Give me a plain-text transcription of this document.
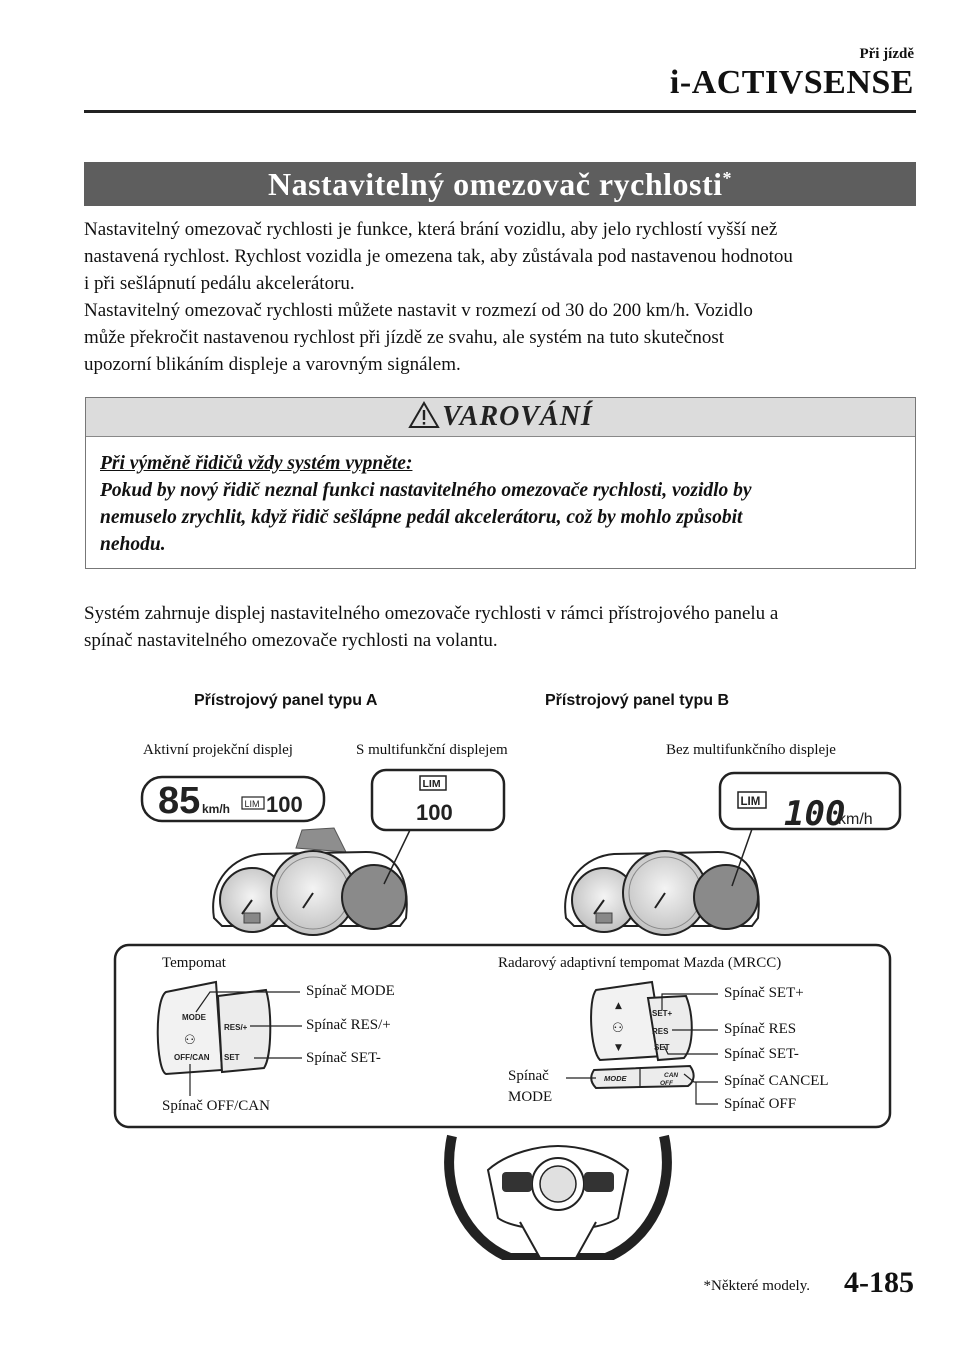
Při jízdě
i-ACTIVSENSE
Nastavitelný omezovač rychlosti*
Nastavitelný omezovač rychlosti je funkce, která brání vozidlu, aby jelo rychlostí vyšší než
nastavená rychlost. Rychlost vozidla je omezena tak, aby zůstávala pod nastavenou hodnotou
i při sešlápnutí pedálu akcelerátoru.
Nastavitelný omezovač rychlosti můžete nastavit v rozmezí od 30 do 200 km/h. Vozidlo
může překročit nastavenou rychlost při jízdě ze svahu, ale systém na tuto skutečnost
upozorní blikáním displeje a varovným signálem.
VAROVÁNÍ
Při výměně řidičů vždy systém vypněte:
Pokud by nový řidič neznal funkci nastavitelného omezovače rychlosti, vozidlo by
nemuselo zrychlit, když řidič sešlápne pedál akcelerátoru, což by mohlo způsobit
nehodu.
Systém zahrnuje displej nastavitelného omezovače rychlosti v rámci přístrojového panelu a
spínač nastavitelného omezovače rychlosti na volantu.
Přístrojový panel typu A	Přístrojový panel typu B
Aktivní projekční displej	S multifunkční displejem	Bez multifunkčního displeje
85 km/h LIM 100
LIM
100	LIM 100
km/h
MODE
⚇
OFF/CAN
RES/+
SET
▲
⚇
▼
SET+
RES
SET
MODE	CAN
OFF
Tempomat	Radarový adaptivní tempomat Mazda (MRCC)
Spínač MODE
Spínač RES/+
Spínač SET-
Spínač OFF/CAN
Spínač SET+
Spínač RES
Spínač SET-
Spínač CANCEL
Spínač OFF
Spínač
MODE
*Některé modely. 4-185
